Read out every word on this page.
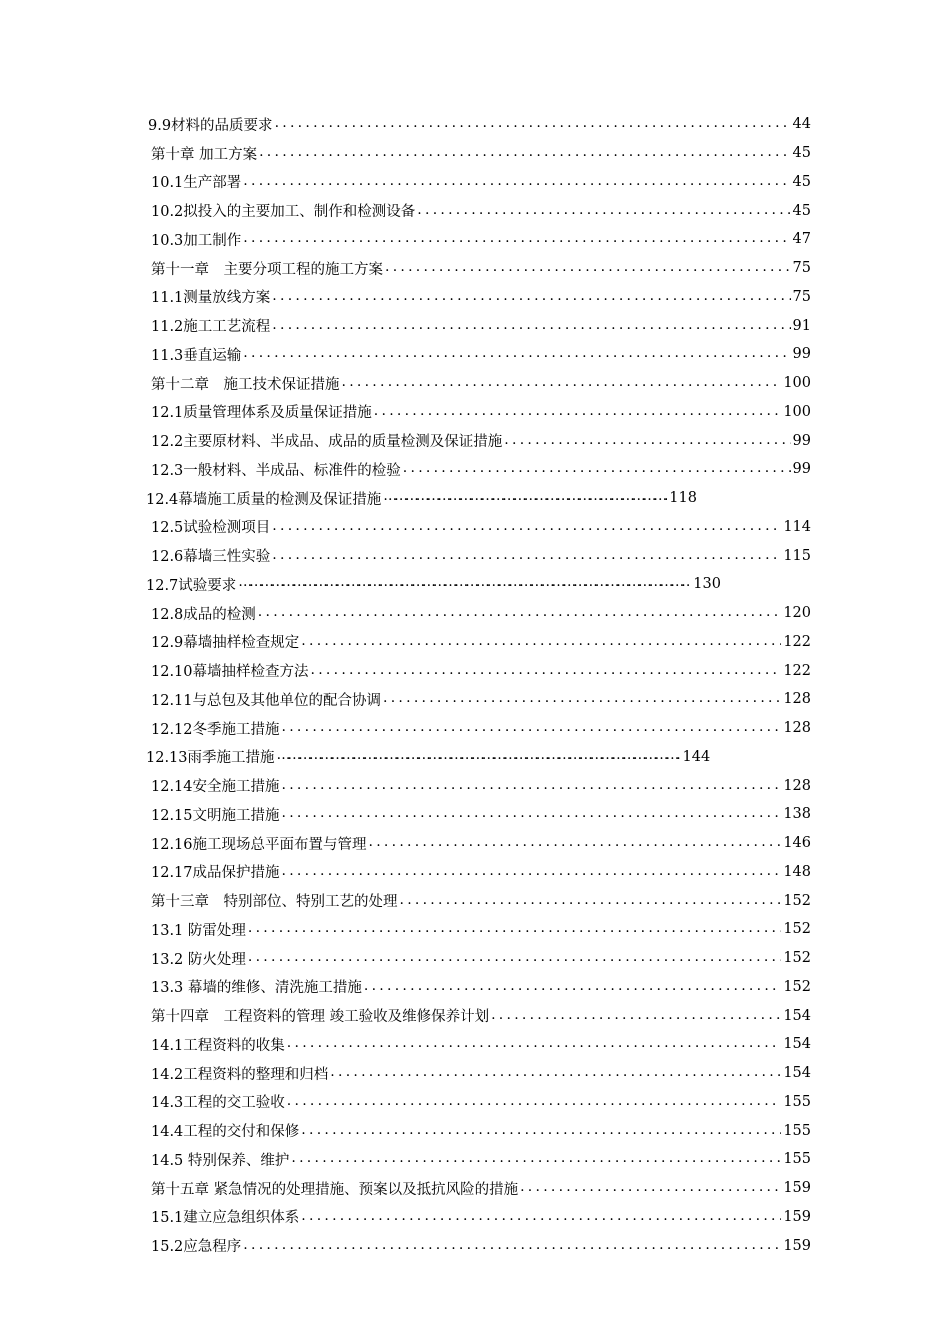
9.9材料的品质要求 . . .	44
第十章 加工方案 . . .	45
10.1生产部署 . . .	45
10.2拟投入的主要加工、制作和检测设备 . . .	45
10.3加工制作 . . .	47
第十一章　主要分项工程的施工方案 . . .	75
11.1测量放线方案 . . .	75
11.2施工工艺流程 . . .	91
11.3垂直运输 . . .	99
第十二章　施工技术保证措施 . . .	100
12.1质量管理体系及质量保证措施 . . .	100
12.2主要原材料、半成品、成品的质量检测及保证措施 . . .	99
12.3一般材料、半成品、标准件的检验 . . .	99
12.4幕墙施工质量的检测及保证措施 ………………………………………………………………………………………………………………………………………………………………	118
12.5试验检测项目 . . .	114
12.6幕墙三性实验 . . .	115
12.7试验要求 ………………………………………………………………………………………………………………………………………………………………	130
12.8成品的检测 . . .	120
12.9幕墙抽样检查规定 . . .	122
12.10幕墙抽样检查方法 . . .	122
12.11与总包及其他单位的配合协调 . . .	128
12.12冬季施工措施 . . .	128
12.13雨季施工措施 ………………………………………………………………………………………………………………………………………………………………	144
12.14安全施工措施 . . .	128
12.15文明施工措施 . . .	138
12.16施工现场总平面布置与管理 . . .	146
12.17成品保护措施 . . .	148
第十三章　特别部位、特别工艺的处理 . . .	152
13.1 防雷处理 . . .	152
13.2 防火处理 . . .	152
13.3 幕墙的维修、清洗施工措施 . . .	152
第十四章　工程资料的管理 竣工验收及维修保养计划 . . .	154
14.1工程资料的收集 . . .	154
14.2工程资料的整理和归档 . . .	154
14.3工程的交工验收 . . .	155
14.4工程的交付和保修 . . .	155
14.5 特别保养、维护 . . .	155
第十五章 紧急情况的处理措施、预案以及抵抗风险的措施 . . .	159
15.1建立应急组织体系 . . .	159
15.2应急程序 . . .	159
